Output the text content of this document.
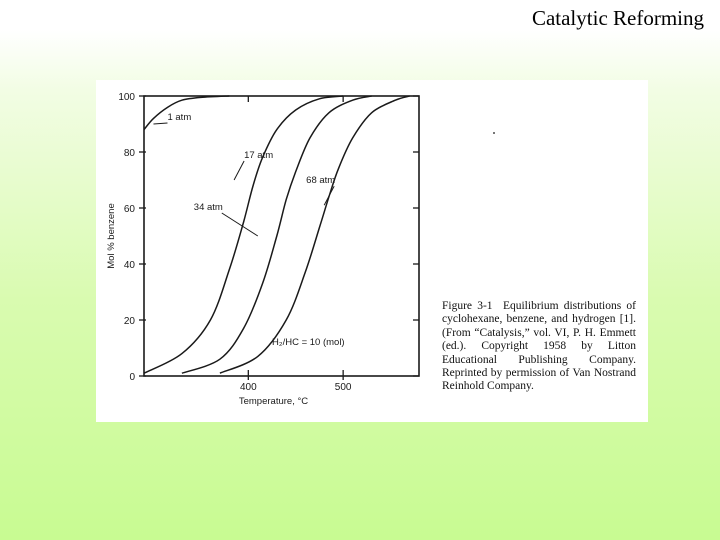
Catalytic Reforming
0
20
40
60
80
100
400	500
Temperature, °C
Mol % benzene
1 atm
17 atm
34 atm
68 atm
H₂/HC = 10 (mol)
Figure 3-1 Equilibrium distributions of cyclohexane, benzene, and hydrogen [1]. (From “Catalysis,” vol. VI, P. H. Emmett (ed.). Copyright 1958 by Litton Educational Publishing Company. Reprinted by permission of Van Nostrand Reinhold Company.
